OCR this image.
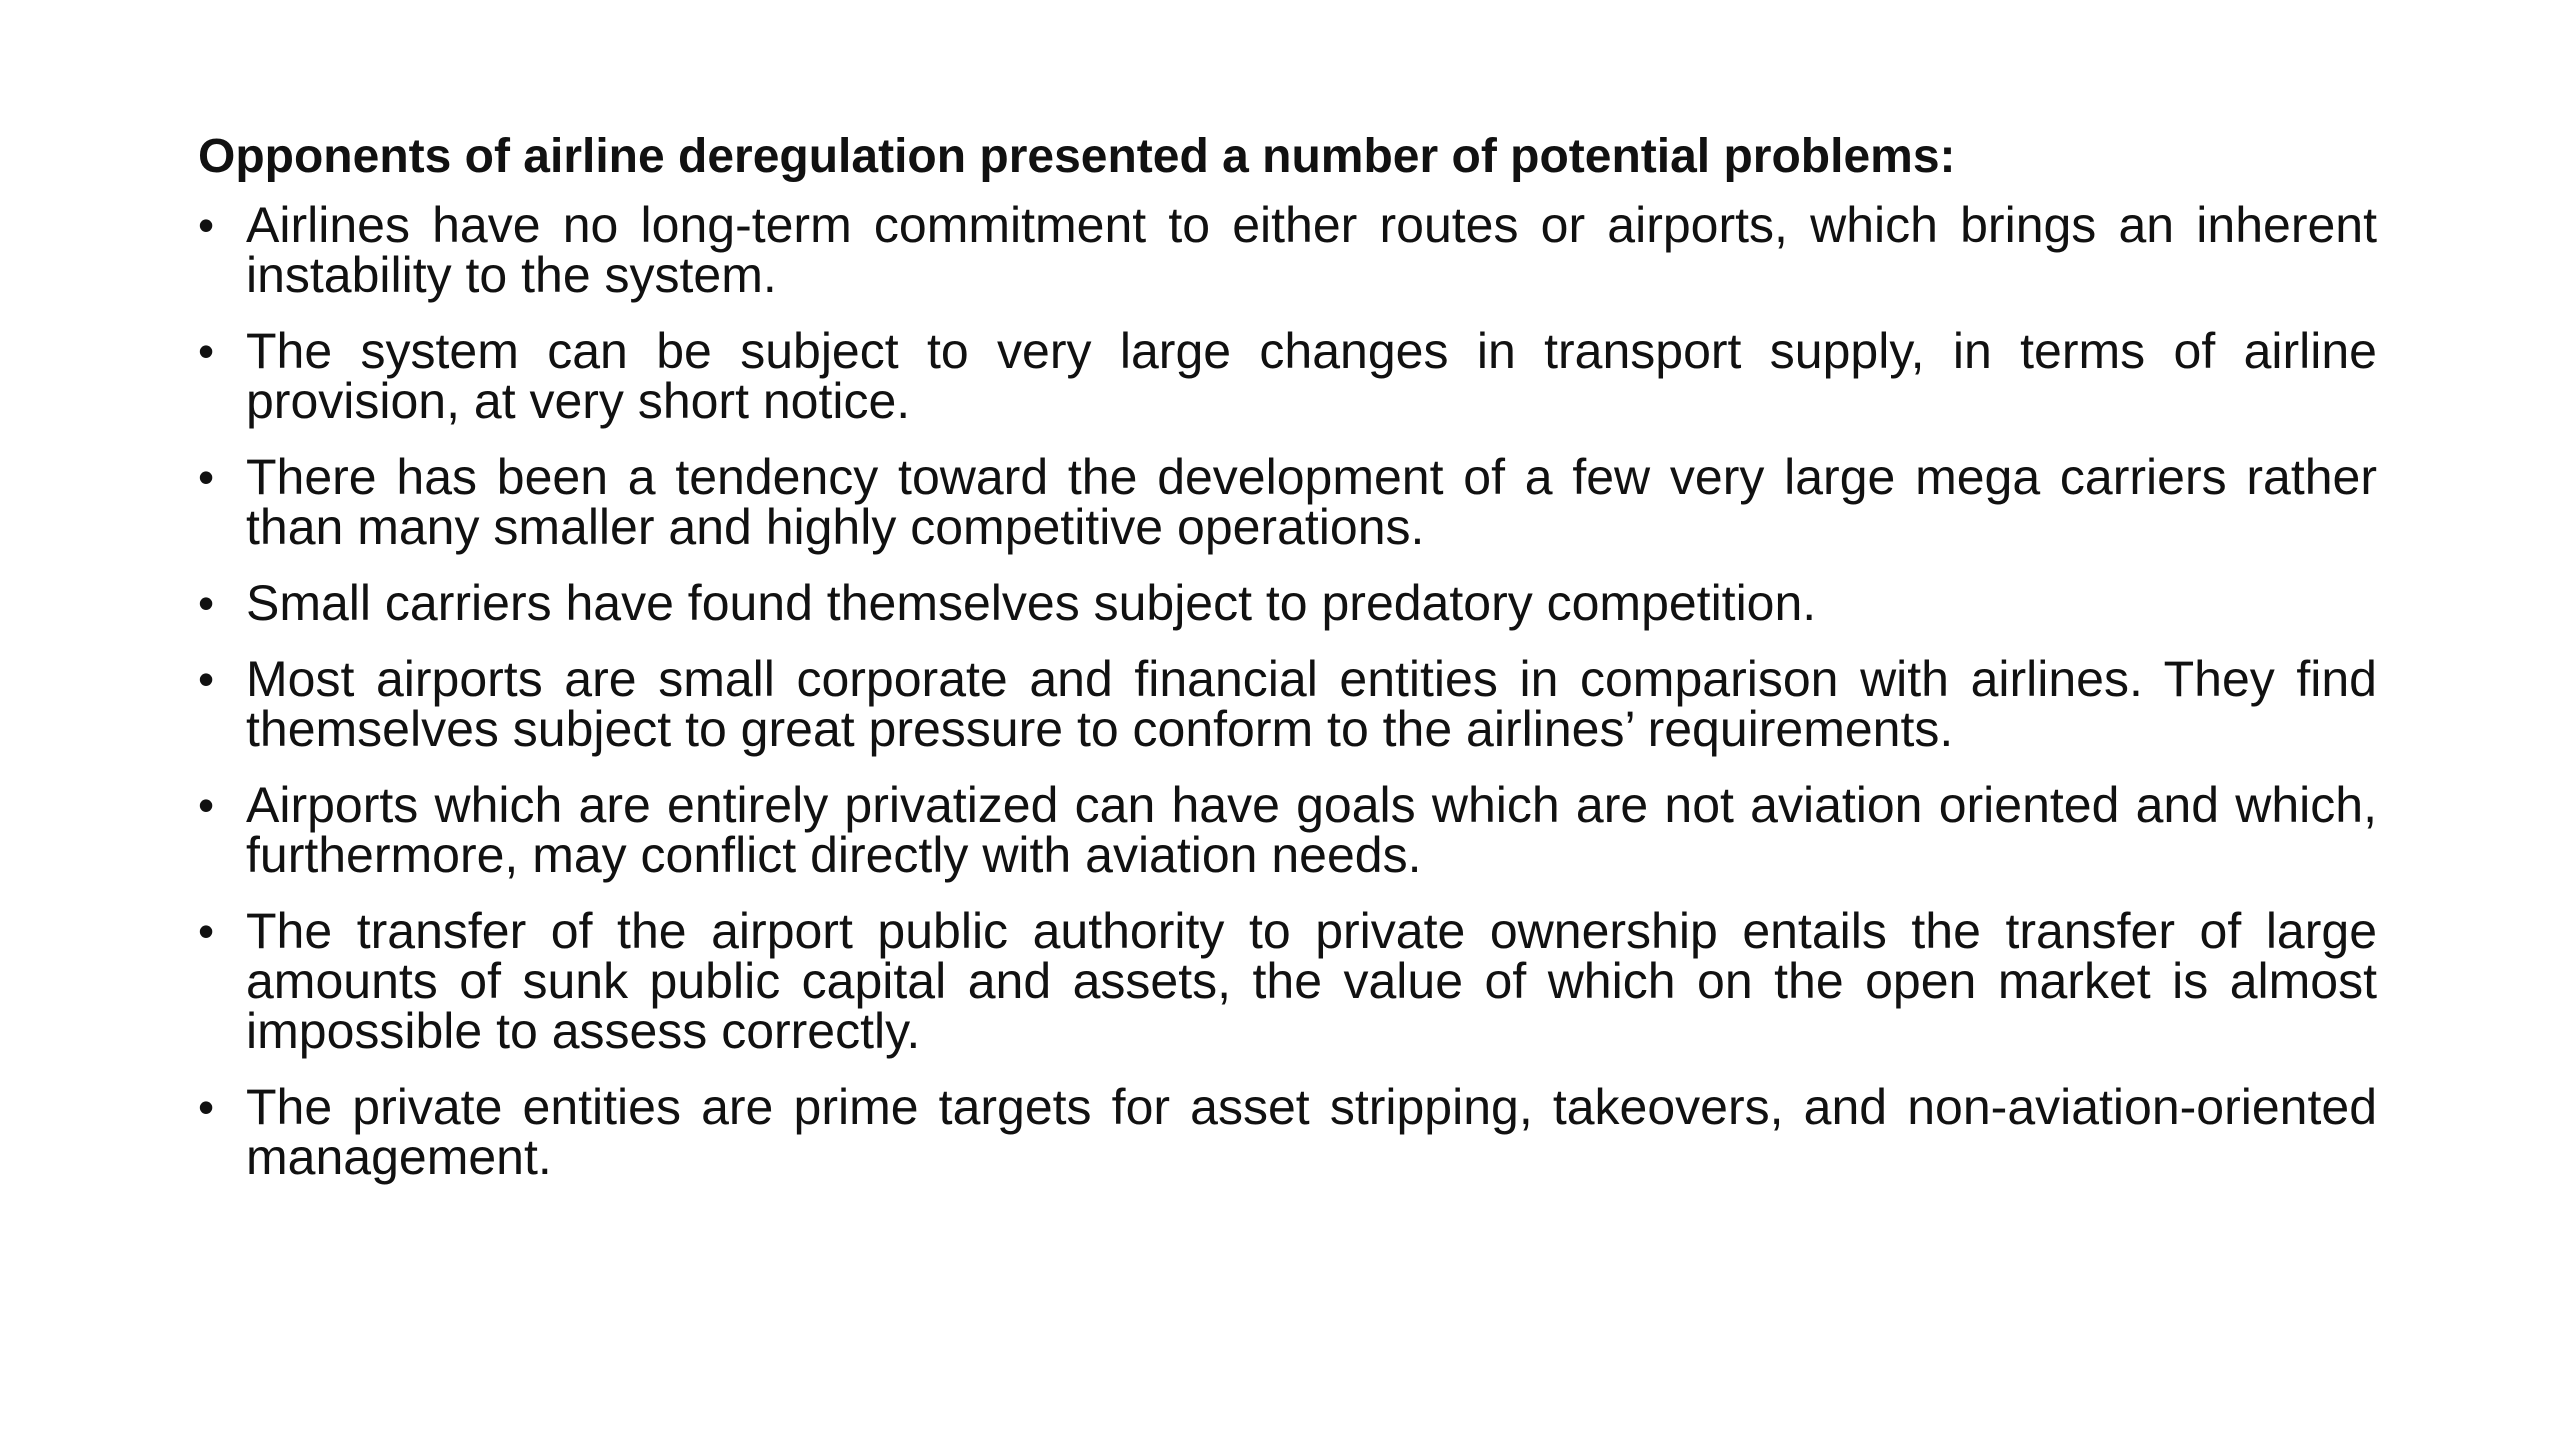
Opponents of airline deregulation presented a number of potential problems:
• Airlines have no long-term commitment to either routes or airports, which brings an inherent instability to the system.
• The system can be subject to very large changes in transport supply, in terms of airline provision, at very short notice.
• There has been a tendency toward the development of a few very large mega carriers rather than many smaller and highly competitive operations.
• Small carriers have found themselves subject to predatory competition.
• Most airports are small corporate and financial entities in comparison with airlines. They find themselves subject to great pressure to conform to the airlines’ requirements.
• Airports which are entirely privatized can have goals which are not aviation oriented and which, furthermore, may conflict directly with aviation needs.
• The transfer of the airport public authority to private ownership entails the transfer of large amounts of sunk public capital and assets, the value of which on the open market is almost impossible to assess correctly.
• The private entities are prime targets for asset stripping, takeovers, and non-aviation-oriented management.
